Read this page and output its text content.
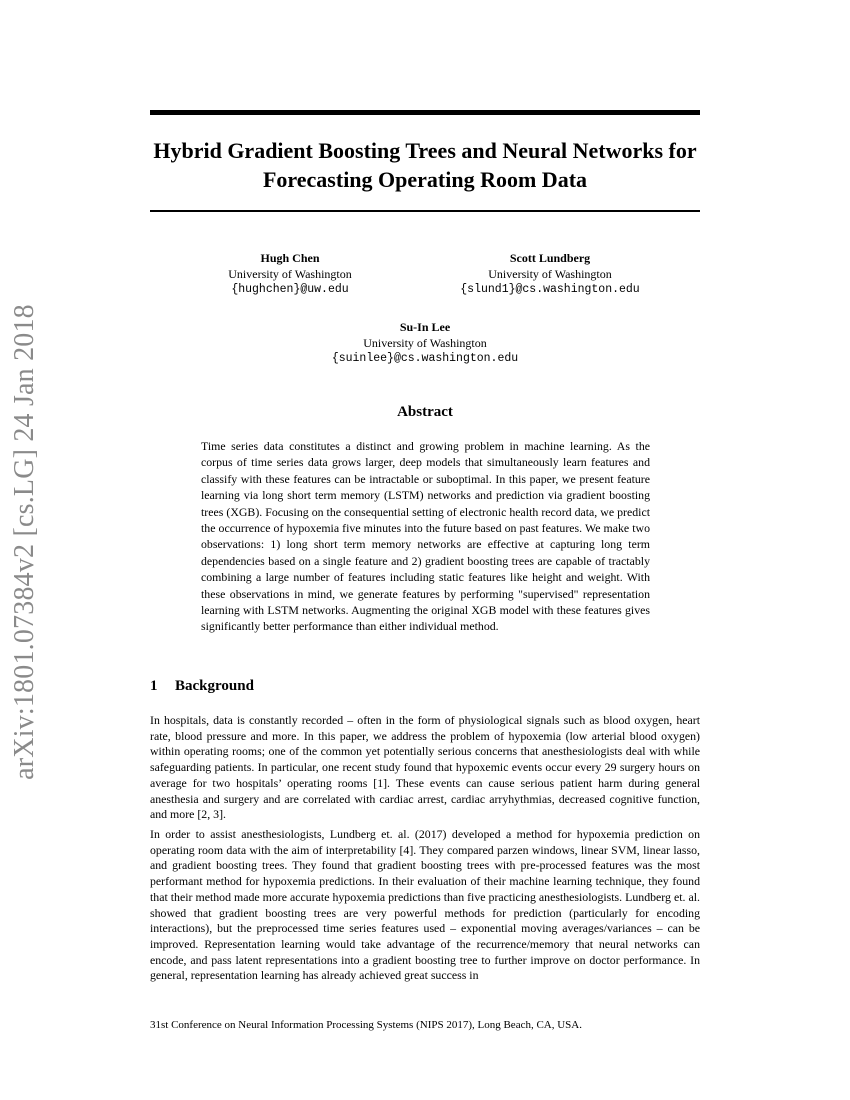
arXiv:1801.07384v2 [cs.LG] 24 Jan 2018
Hybrid Gradient Boosting Trees and Neural Networks for Forecasting Operating Room Data
Hugh Chen
University of Washington
{hughchen}@uw.edu
Scott Lundberg
University of Washington
{slund1}@cs.washington.edu
Su-In Lee
University of Washington
{suinlee}@cs.washington.edu
Abstract
Time series data constitutes a distinct and growing problem in machine learning. As the corpus of time series data grows larger, deep models that simultaneously learn features and classify with these features can be intractable or suboptimal. In this paper, we present feature learning via long short term memory (LSTM) networks and prediction via gradient boosting trees (XGB). Focusing on the consequential setting of electronic health record data, we predict the occurrence of hypoxemia five minutes into the future based on past features. We make two observations: 1) long short term memory networks are effective at capturing long term dependencies based on a single feature and 2) gradient boosting trees are capable of tractably combining a large number of features including static features like height and weight. With these observations in mind, we generate features by performing "supervised" representation learning with LSTM networks. Augmenting the original XGB model with these features gives significantly better performance than either individual method.
1 Background
In hospitals, data is constantly recorded – often in the form of physiological signals such as blood oxygen, heart rate, blood pressure and more. In this paper, we address the problem of hypoxemia (low arterial blood oxygen) within operating rooms; one of the common yet potentially serious concerns that anesthesiologists deal with while safeguarding patients. In particular, one recent study found that hypoxemic events occur every 29 surgery hours on average for two hospitals’ operating rooms [1]. These events can cause serious patient harm during general anesthesia and surgery and are correlated with cardiac arrest, cardiac arryhythmias, decreased cognitive function, and more [2, 3].
In order to assist anesthesiologists, Lundberg et. al. (2017) developed a method for hypoxemia prediction on operating room data with the aim of interpretability [4]. They compared parzen windows, linear SVM, linear lasso, and gradient boosting trees. They found that gradient boosting trees with pre-processed features was the most performant method for hypoxemia predictions. In their evaluation of their machine learning technique, they found that their method made more accurate hypoxemia predictions than five practicing anesthesiologists. Lundberg et. al. showed that gradient boosting trees are very powerful methods for prediction (particularly for encoding interactions), but the preprocessed time series features used – exponential moving averages/variances – can be improved. Representation learning would take advantage of the recurrence/memory that neural networks can encode, and pass latent representations into a gradient boosting tree to further improve on doctor performance. In general, representation learning has already achieved great success in
31st Conference on Neural Information Processing Systems (NIPS 2017), Long Beach, CA, USA.
